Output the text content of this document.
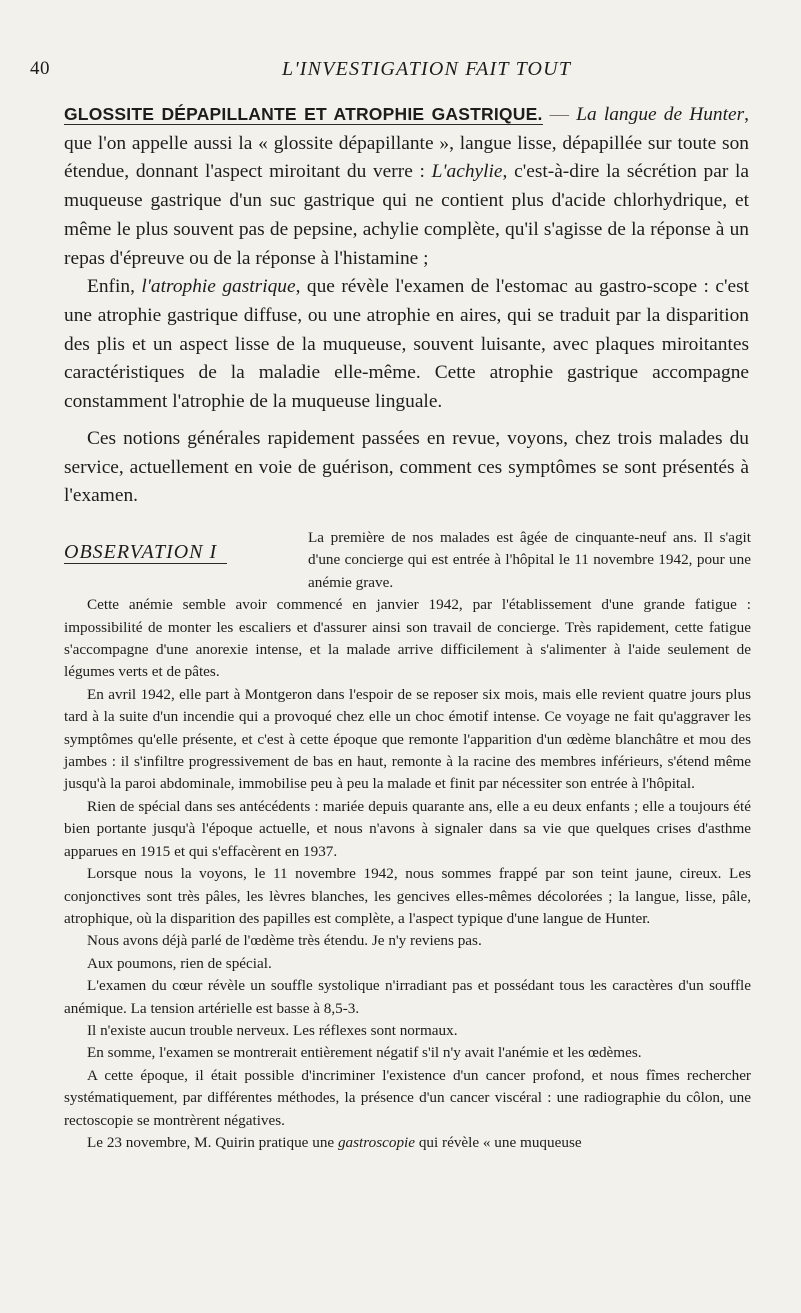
40	L'INVESTIGATION FAIT TOUT

GLOSSITE DÉPAPILLANTE ET ATROPHIE GASTRIQUE. — La langue de Hunter, que l'on appelle aussi la « glossite dépapillante », langue lisse, dépapillée sur toute son étendue, donnant l'aspect miroitant du verre : L'achylie, c'est-à-dire la sécrétion par la muqueuse gastrique d'un suc gastrique qui ne contient plus d'acide chlorhydrique, et même le plus souvent pas de pepsine, achylie complète, qu'il s'agisse de la réponse à un repas d'épreuve ou de la réponse à l'histamine ;

Enfin, l'atrophie gastrique, que révèle l'examen de l'estomac au gastro-scope : c'est une atrophie gastrique diffuse, ou une atrophie en aires, qui se traduit par la disparition des plis et un aspect lisse de la muqueuse, souvent luisante, avec plaques miroitantes caractéristiques de la maladie elle-même. Cette atrophie gastrique accompagne constamment l'atrophie de la muqueuse linguale.

Ces notions générales rapidement passées en revue, voyons, chez trois malades du service, actuellement en voie de guérison, comment ces symptômes se sont présentés à l'examen.

OBSERVATION I

La première de nos malades est âgée de cinquante-neuf ans. Il s'agit d'une concierge qui est entrée à l'hôpital le 11 novembre 1942, pour une anémie grave.

Cette anémie semble avoir commencé en janvier 1942, par l'établissement d'une grande fatigue : impossibilité de monter les escaliers et d'assurer ainsi son travail de concierge. Très rapidement, cette fatigue s'accompagne d'une anorexie intense, et la malade arrive difficilement à s'alimenter à l'aide seulement de légumes verts et de pâtes.

En avril 1942, elle part à Montgeron dans l'espoir de se reposer six mois, mais elle revient quatre jours plus tard à la suite d'un incendie qui a provoqué chez elle un choc émotif intense. Ce voyage ne fait qu'aggraver les symptômes qu'elle présente, et c'est à cette époque que remonte l'apparition d'un œdème blanchâtre et mou des jambes : il s'infiltre progressivement de bas en haut, remonte à la racine des membres inférieurs, s'étend même jusqu'à la paroi abdominale, immobilise peu à peu la malade et finit par nécessiter son entrée à l'hôpital.

Rien de spécial dans ses antécédents : mariée depuis quarante ans, elle a eu deux enfants ; elle a toujours été bien portante jusqu'à l'époque actuelle, et nous n'avons à signaler dans sa vie que quelques crises d'asthme apparues en 1915 et qui s'effacèrent en 1937.

Lorsque nous la voyons, le 11 novembre 1942, nous sommes frappé par son teint jaune, cireux. Les conjonctives sont très pâles, les lèvres blanches, les gencives elles-mêmes décolorées ; la langue, lisse, pâle, atrophique, où la disparition des papilles est complète, a l'aspect typique d'une langue de Hunter.

Nous avons déjà parlé de l'œdème très étendu. Je n'y reviens pas.

Aux poumons, rien de spécial.

L'examen du cœur révèle un souffle systolique n'irradiant pas et possédant tous les caractères d'un souffle anémique. La tension artérielle est basse à 8,5-3.

Il n'existe aucun trouble nerveux. Les réflexes sont normaux.

En somme, l'examen se montrerait entièrement négatif s'il n'y avait l'anémie et les œdèmes.

A cette époque, il était possible d'incriminer l'existence d'un cancer profond, et nous fîmes rechercher systématiquement, par différentes méthodes, la présence d'un cancer viscéral : une radiographie du côlon, une rectoscopie se montrèrent négatives.

Le 23 novembre, M. Quirin pratique une gastroscopie qui révèle « une muqueuse
